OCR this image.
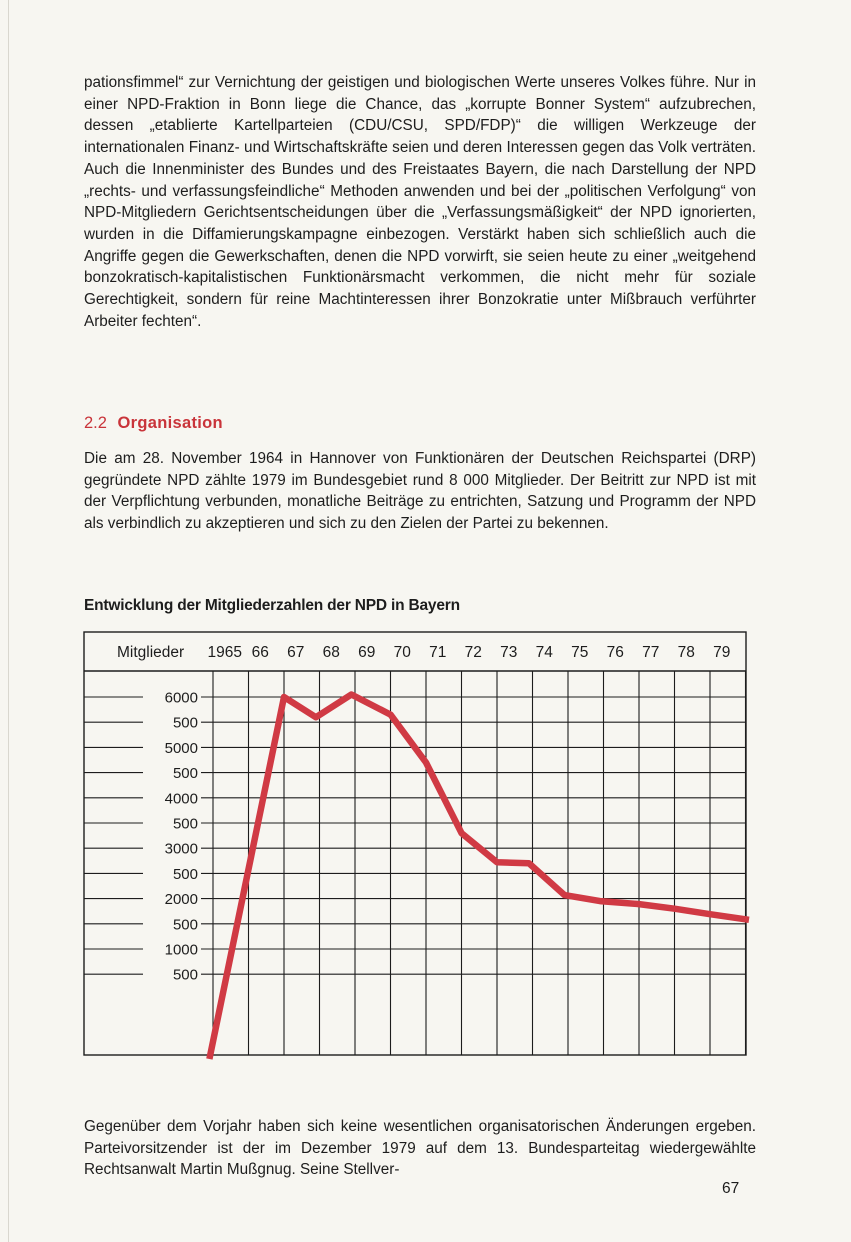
pationsfimmel“ zur Vernichtung der geistigen und biologischen Werte unseres Volkes führe. Nur in einer NPD-Fraktion in Bonn liege die Chance, das „korrupte Bonner System“ aufzubrechen, dessen „etablierte Kartellparteien (CDU/CSU, SPD/FDP)“ die willigen Werkzeuge der internationalen Finanz- und Wirtschaftskräfte seien und deren Interessen gegen das Volk verträten. Auch die Innenminister des Bundes und des Freistaates Bayern, die nach Darstellung der NPD „rechts- und verfassungsfeindliche“ Methoden anwenden und bei der „politischen Verfolgung“ von NPD-Mitgliedern Gerichtsentscheidungen über die „Verfassungsmäßigkeit“ der NPD ignorierten, wurden in die Diffamierungskampagne einbezogen. Verstärkt haben sich schließlich auch die Angriffe gegen die Gewerkschaften, denen die NPD vorwirft, sie seien heute zu einer „weitgehend bonzokratisch-kapitalistischen Funktionärsmacht verkommen, die nicht mehr für soziale Gerechtigkeit, sondern für reine Machtinteressen ihrer Bonzokratie unter Mißbrauch verführter Arbeiter fechten“.
2.2 Organisation
Die am 28. November 1964 in Hannover von Funktionären der Deutschen Reichspartei (DRP) gegründete NPD zählte 1979 im Bundesgebiet rund 8 000 Mitglieder. Der Beitritt zur NPD ist mit der Verpflichtung verbunden, monatliche Beiträge zu entrichten, Satzung und Programm der NPD als verbindlich zu akzeptieren und sich zu den Zielen der Partei zu bekennen.
Entwicklung der Mitgliederzahlen der NPD in Bayern
Mitglieder 1965 66 67 68 69 70 71 72 73 74 75 76 77 78 79
6000
500
5000
500
4000
500
3000
500
2000
500
1000
500
Gegenüber dem Vorjahr haben sich keine wesentlichen organisatorischen Änderungen ergeben. Parteivorsitzender ist der im Dezember 1979 auf dem 13. Bundesparteitag wiedergewählte Rechtsanwalt Martin Mußgnug. Seine Stellver-
67
